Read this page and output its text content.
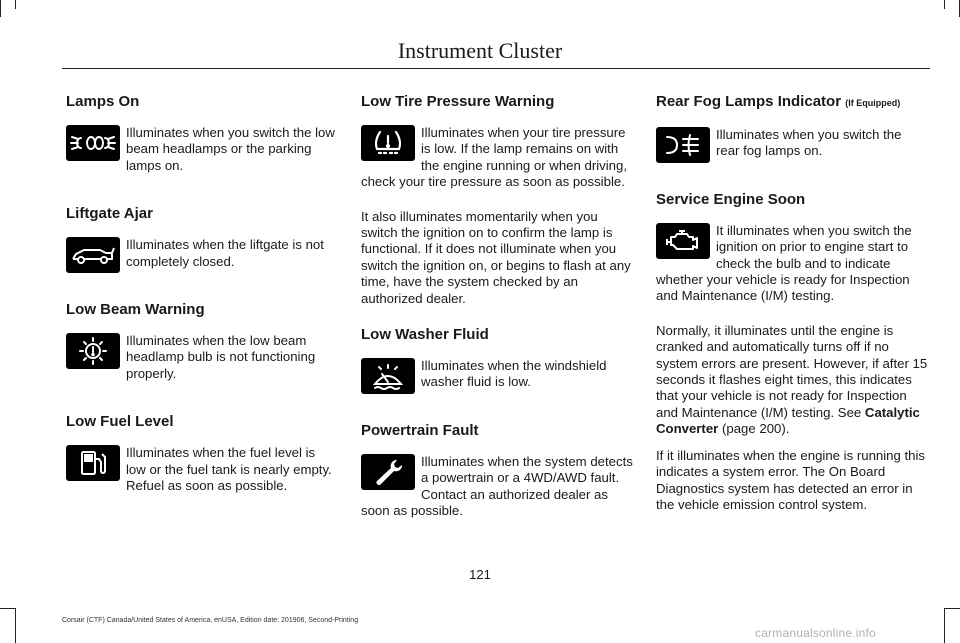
Instrument Cluster
Lamps On
Illuminates when you switch the low beam headlamps or the parking lamps on.
Liftgate Ajar
Illuminates when the liftgate is not completely closed.
Low Beam Warning
Illuminates when the low beam headlamp bulb is not functioning properly.
Low Fuel Level
Illuminates when the fuel level is low or the fuel tank is nearly empty. Refuel as soon as possible.
Low Tire Pressure Warning
Illuminates when your tire pressure is low. If the lamp remains on with the engine running or when driving, check your tire pressure as soon as possible.
It also illuminates momentarily when you switch the ignition on to confirm the lamp is functional. If it does not illuminate when you switch the ignition on, or begins to flash at any time, have the system checked by an authorized dealer.
Low Washer Fluid
Illuminates when the windshield washer fluid is low.
Powertrain Fault
Illuminates when the system detects a powertrain or a 4WD/AWD fault. Contact an authorized dealer as soon as possible.
Rear Fog Lamps Indicator (If Equipped)
Illuminates when you switch the rear fog lamps on.
Service Engine Soon
It illuminates when you switch the ignition on prior to engine start to check the bulb and to indicate whether your vehicle is ready for Inspection and Maintenance (I/M) testing.
Normally, it illuminates until the engine is cranked and automatically turns off if no system errors are present. However, if after 15 seconds it flashes eight times, this indicates that your vehicle is not ready for Inspection and Maintenance (I/M) testing. See Catalytic Converter (page 200).
If it illuminates when the engine is running this indicates a system error. The On Board Diagnostics system has detected an error in the vehicle emission control system.
121
Corsair (CTF) Canada/United States of America, enUSA, Edition date: 201906, Second-Printing
carmanualsonline.info
